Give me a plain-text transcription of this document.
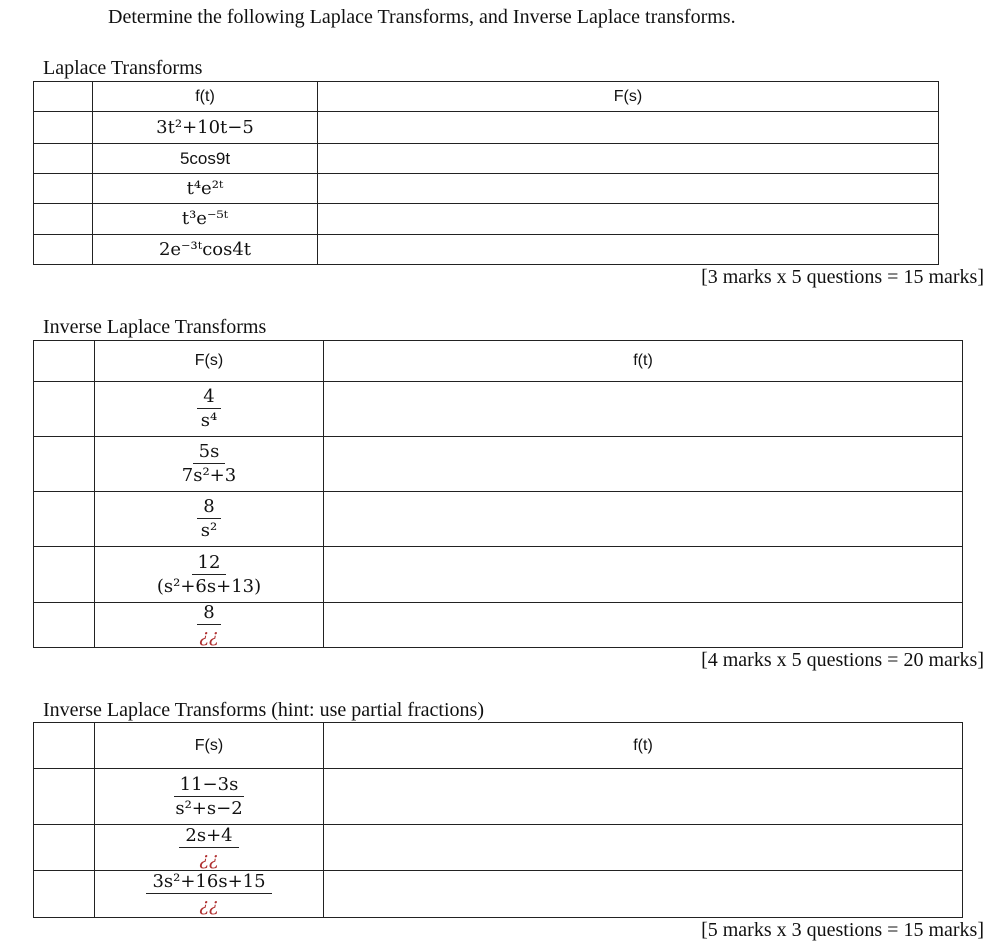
Determine the following Laplace Transforms, and Inverse Laplace transforms.
Laplace Transforms
	f(t)	F(s)
	3t²+10t−5	
	5cos9t	
	t⁴e²ᵗ	
	t³e⁻⁵ᵗ	
	2e⁻³ᵗcos4t	
[3 marks x 5 questions = 15 marks]
Inverse Laplace Transforms
	F(s)	f(t)

	$\frac{4}{\text{s⁴}}$

	$\frac{5s}{\text{7s²+3}}$

	$\frac{8}{\text{s²}}$

	$\frac{12}{\text{(s²+6s+13)}}$

	$\frac{8}{¿¿}$

[4 marks x 5 questions = 20 marks]
Inverse Laplace Transforms (hint: use partial fractions)
	F(s)	f(t)

	$\frac{11-3s}{\text{s²+s−2}}$

	$\frac{2s+4}{¿¿}$

	$\frac{\text{3s²+16s+15}}{¿¿}$

[5 marks x 3 questions = 15 marks]
